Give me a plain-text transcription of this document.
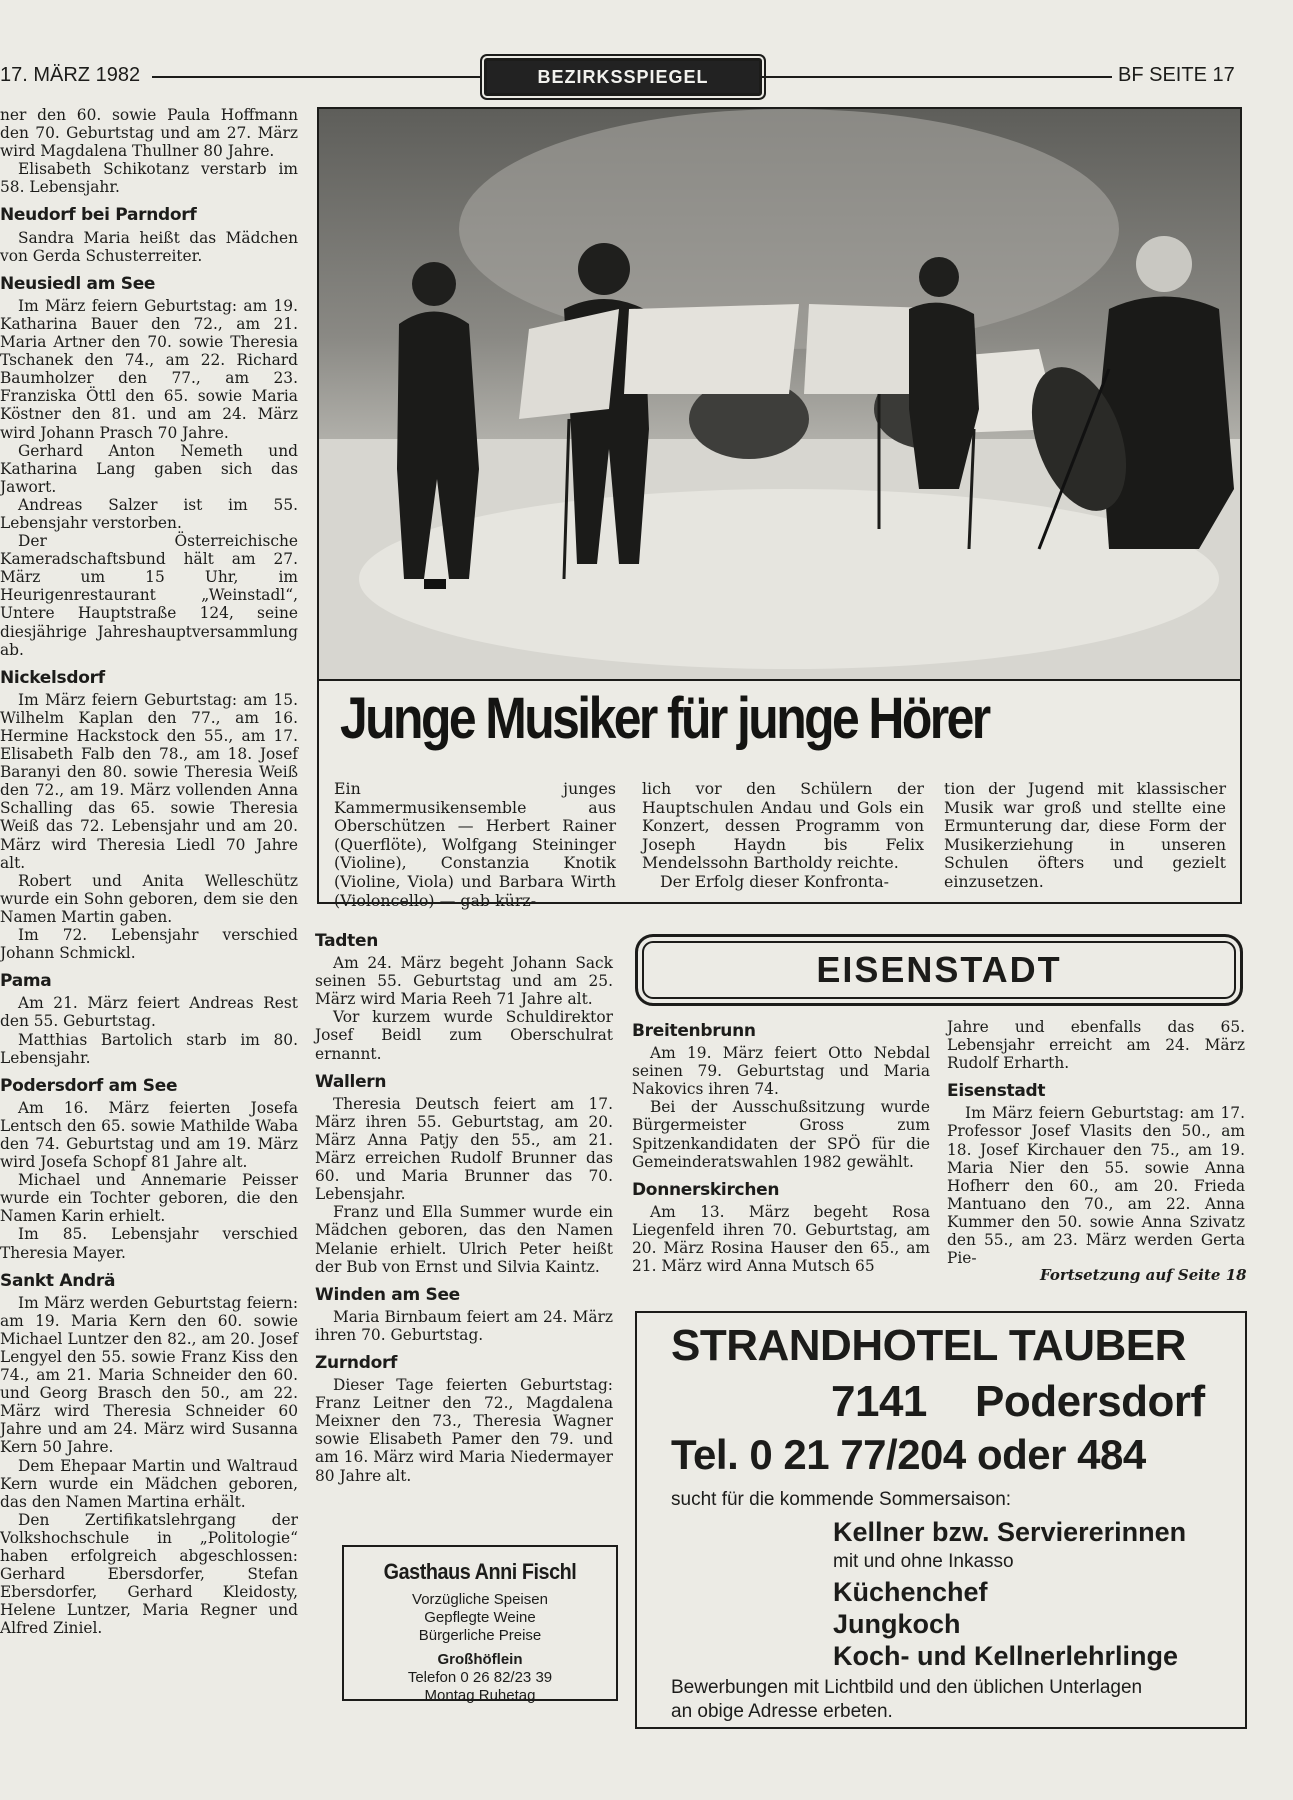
17. MÄRZ 1982	BEZIRKSSPIEGEL	BF SEITE 17

ner den 60. sowie Paula Hoffmann den 70. Geburtstag und am 27. März wird Magdalena Thullner 80 Jahre.

Elisabeth Schikotanz verstarb im 58. Lebensjahr.

Neudorf bei Parndorf

Sandra Maria heißt das Mädchen von Gerda Schusterreiter.

Neusiedl am See

Im März feiern Geburtstag: am 19. Katharina Bauer den 72., am 21. Maria Artner den 70. sowie Theresia Tschanek den 74., am 22. Richard Baumholzer den 77., am 23. Franziska Öttl den 65. sowie Maria Köstner den 81. und am 24. März wird Johann Prasch 70 Jahre.

Gerhard Anton Nemeth und Katharina Lang gaben sich das Jawort.

Andreas Salzer ist im 55. Lebensjahr verstorben.

Der Österreichische Kameradschaftsbund hält am 27. März um 15 Uhr, im Heurigenrestaurant „Weinstadl“, Untere Hauptstraße 124, seine diesjährige Jahreshauptversammlung ab.

Nickelsdorf

Im März feiern Geburtstag: am 15. Wilhelm Kaplan den 77., am 16. Hermine Hackstock den 55., am 17. Elisabeth Falb den 78., am 18. Josef Baranyi den 80. sowie Theresia Weiß den 72., am 19. März vollenden Anna Schalling das 65. sowie Theresia Weiß das 72. Lebensjahr und am 20. März wird Theresia Liedl 70 Jahre alt.

Robert und Anita Welleschütz wurde ein Sohn geboren, dem sie den Namen Martin gaben.

Im 72. Lebensjahr verschied Johann Schmickl.

Pama

Am 21. März feiert Andreas Rest den 55. Geburtstag.

Matthias Bartolich starb im 80. Lebensjahr.

Podersdorf am See

Am 16. März feierten Josefa Lentsch den 65. sowie Mathilde Waba den 74. Geburtstag und am 19. März wird Josefa Schopf 81 Jahre alt.

Michael und Annemarie Peisser wurde ein Tochter geboren, die den Namen Karin erhielt.

Im 85. Lebensjahr verschied Theresia Mayer.

Sankt Andrä

Im März werden Geburtstag feiern: am 19. Maria Kern den 60. sowie Michael Luntzer den 82., am 20. Josef Lengyel den 55. sowie Franz Kiss den 74., am 21. Maria Schneider den 60. und Georg Brasch den 50., am 22. März wird Theresia Schneider 60 Jahre und am 24. März wird Susanna Kern 50 Jahre.

Dem Ehepaar Martin und Waltraud Kern wurde ein Mädchen geboren, das den Namen Martina erhält.

Den Zertifikatslehrgang der Volkshochschule in „Politologie“ haben erfolgreich abgeschlossen: Gerhard Ebersdorfer, Stefan Ebersdorfer, Gerhard Kleidosty, Helene Luntzer, Maria Regner und Alfred Ziniel.

Junge Musiker für junge Hörer

Ein junges Kammermusikensemble aus Oberschützen — Herbert Rainer (Querflöte), Wolfgang Steininger (Violine), Constanzia Knotik (Violine, Viola) und Barbara Wirth (Violoncello) — gab kürz-

lich vor den Schülern der Hauptschulen Andau und Gols ein Konzert, dessen Programm von Joseph Haydn bis Felix Mendelssohn Bartholdy reichte.

Der Erfolg dieser Konfronta-

tion der Jugend mit klassischer Musik war groß und stellte eine Ermunterung dar, diese Form der Musikerziehung in unseren Schulen öfters und gezielt einzusetzen.

Tadten

Am 24. März begeht Johann Sack seinen 55. Geburtstag und am 25. März wird Maria Reeh 71 Jahre alt.

Vor kurzem wurde Schuldirektor Josef Beidl zum Oberschulrat ernannt.

Wallern

Theresia Deutsch feiert am 17. März ihren 55. Geburtstag, am 20. März Anna Patjy den 55., am 21. März erreichen Rudolf Brunner das 60. und Maria Brunner das 70. Lebensjahr.

Franz und Ella Summer wurde ein Mädchen geboren, das den Namen Melanie erhielt. Ulrich Peter heißt der Bub von Ernst und Silvia Kaintz.

Winden am See

Maria Birnbaum feiert am 24. März ihren 70. Geburtstag.

Zurndorf

Dieser Tage feierten Geburtstag: Franz Leitner den 72., Magdalena Meixner den 73., Theresia Wagner sowie Elisabeth Pamer den 79. und am 16. März wird Maria Niedermayer 80 Jahre alt.

EISENSTADT
Breitenbrunn

Am 19. März feiert Otto Nebdal seinen 79. Geburtstag und Maria Nakovics ihren 74.

Bei der Ausschußsitzung wurde Bürgermeister Gross zum Spitzenkandidaten der SPÖ für die Gemeinderatswahlen 1982 gewählt.

Donnerskirchen

Am 13. März begeht Rosa Liegenfeld ihren 70. Geburtstag, am 20. März Rosina Hauser den 65., am 21. März wird Anna Mutsch 65

Jahre und ebenfalls das 65. Lebensjahr erreicht am 24. März Rudolf Erharth.

Eisenstadt

Im März feiern Geburtstag: am 17. Professor Josef Vlasits den 50., am 18. Josef Kirchauer den 75., am 19. Maria Nier den 55. sowie Anna Hofherr den 60., am 20. Frieda Mantuano den 70., am 22. Anna Kummer den 50. sowie Anna Szivatz den 55., am 23. März werden Gerta Pie-

Fortsetzung auf Seite 18
Gasthaus Anni Fischl
Vorzügliche Speisen
Gepflegte Weine
Bürgerliche Preise
Großhöflein
Telefon 0 26 82/23 39
Montag Ruhetag
STRANDHOTEL TAUBER
7141 Podersdorf
Tel. 0 21 77/204 oder 484
sucht für die kommende Sommersaison:
Kellner bzw. Serviererinnen
mit und ohne Inkasso
Küchenchef
Jungkoch
Koch- und Kellnerlehrlinge
Bewerbungen mit Lichtbild und den üblichen Unterlagen
an obige Adresse erbeten.
